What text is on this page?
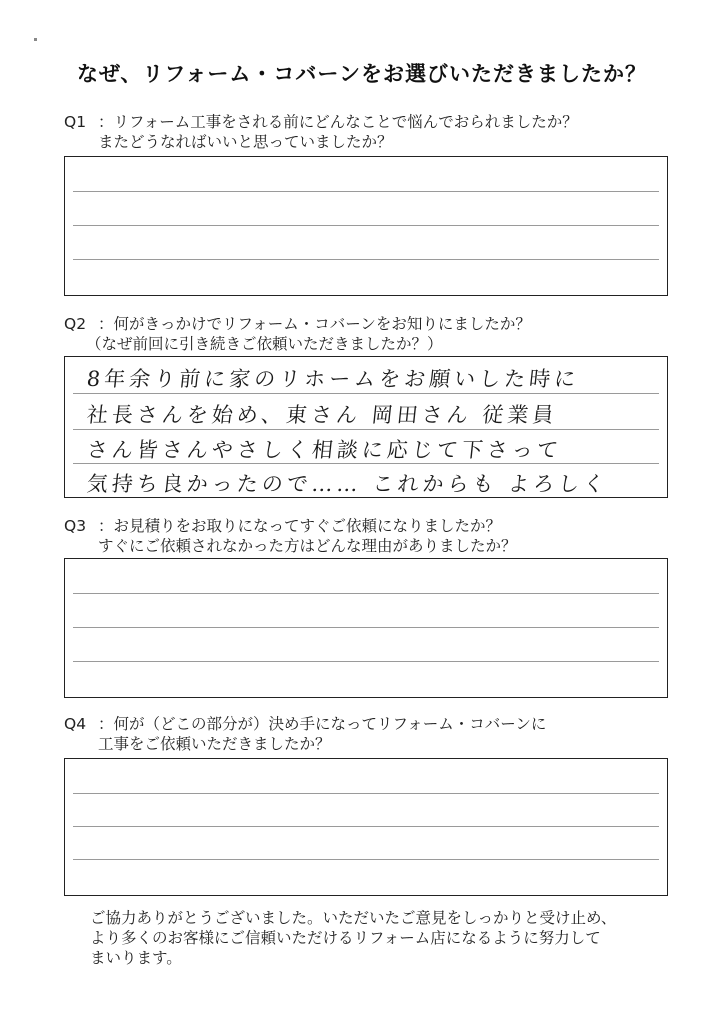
なぜ、リフォーム・コバーンをお選びいただきましたか？
Q1 ：リフォーム工事をされる前にどんなことで悩んでおられましたか？
またどうなればいいと思っていましたか？
Q2 ：何がきっかけでリフォーム・コバーンをお知りにましたか？
（なぜ前回に引き続きご依頼いただきましたか？）
8年余り前に家のリホームをお願いした時に
社長さんを始め、東さん 岡田さん 従業員
さん皆さんやさしく相談に応じて下さって
気持ち良かったので…… これからも よろしく
Q3 ：お見積りをお取りになってすぐご依頼になりましたか？
すぐにご依頼されなかった方はどんな理由がありましたか？
Q4 ：何が（どこの部分が）決め手になってリフォーム・コバーンに
工事をご依頼いただきましたか？
ご協力ありがとうございました。いただいたご意見をしっかりと受け止め、
より多くのお客様にご信頼いただけるリフォーム店になるように努力して
まいります。
